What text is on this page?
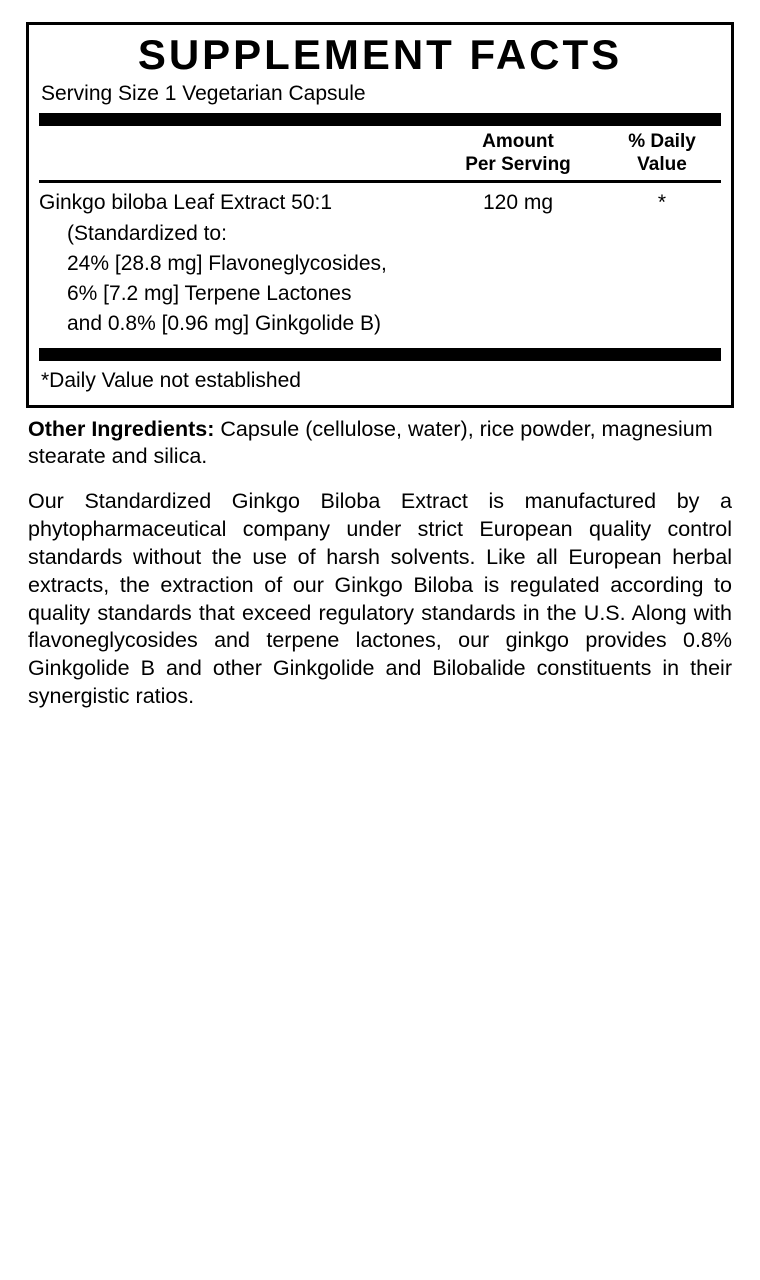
SUPPLEMENT FACTS
Serving Size 1 Vegetarian Capsule
Amount
Per Serving
% Daily
Value
Ginkgo biloba Leaf Extract 50:1	120 mg	*
(Standardized to:
24% [28.8 mg] Flavoneglycosides,
6% [7.2 mg] Terpene Lactones
and 0.8% [0.96 mg] Ginkgolide B)
*Daily Value not established
Other Ingredients: Capsule (cellulose, water), rice powder, magnesium stearate and silica.
Our Standardized Ginkgo Biloba Extract is manufactured by a phytopharmaceutical company under strict European quality control standards without the use of harsh solvents. Like all European herbal extracts, the extraction of our Ginkgo Biloba is regulated according to quality standards that exceed regulatory standards in the U.S. Along with flavoneglycosides and terpene lactones, our ginkgo provides 0.8% Ginkgolide B and other Ginkgolide and Bilobalide constituents in their synergistic ratios.
